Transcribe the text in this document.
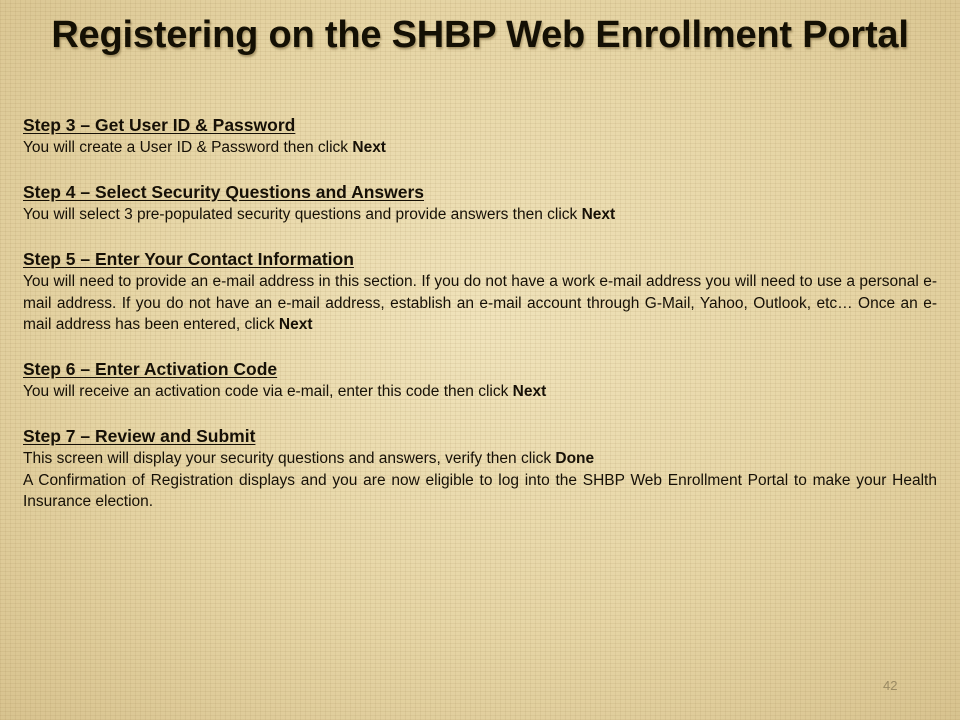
Registering on the SHBP Web Enrollment Portal

Step 3 – Get User ID & Password

You will create a User ID & Password then click Next

Step 4 – Select Security Questions and Answers

You will select 3 pre-populated security questions and provide answers then click Next

Step 5 – Enter Your Contact Information

You will need to provide an e-mail address in this section. If you do not have a work e-mail address you will need to use a personal e-mail address. If you do not have an e-mail address, establish an e-mail account through G-Mail, Yahoo, Outlook, etc… Once an e-mail address has been entered, click Next

Step 6 – Enter Activation Code

You will receive an activation code via e-mail, enter this code then click Next

Step 7 – Review and Submit

This screen will display your security questions and answers, verify then click Done

A Confirmation of Registration displays and you are now eligible to log into the SHBP Web Enrollment Portal to make your Health Insurance election.

42
